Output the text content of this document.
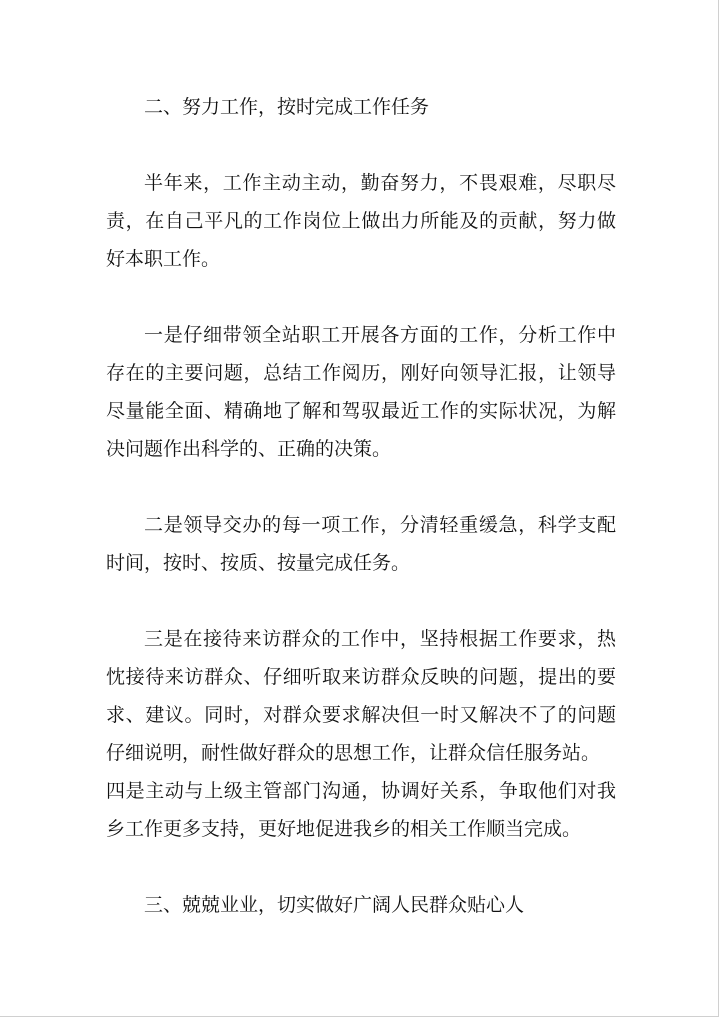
二、努力工作，按时完成工作任务

半年来，工作主动主动，勤奋努力，不畏艰难，尽职尽责，在自己平凡的工作岗位上做出力所能及的贡献，努力做好本职工作。

一是仔细带领全站职工开展各方面的工作，分析工作中存在的主要问题，总结工作阅历，刚好向领导汇报，让领导尽量能全面、精确地了解和驾驭最近工作的实际状况，为解决问题作出科学的、正确的决策。

二是领导交办的每一项工作，分清轻重缓急，科学支配时间，按时、按质、按量完成任务。

三是在接待来访群众的工作中，坚持根据工作要求，热忱接待来访群众、仔细听取来访群众反映的问题，提出的要求、建议。同时，对群众要求解决但一时又解决不了的问题仔细说明，耐性做好群众的思想工作，让群众信任服务站。

四是主动与上级主管部门沟通，协调好关系，争取他们对我乡工作更多支持，更好地促进我乡的相关工作顺当完成。

三、兢兢业业，切实做好广阔人民群众贴心人
